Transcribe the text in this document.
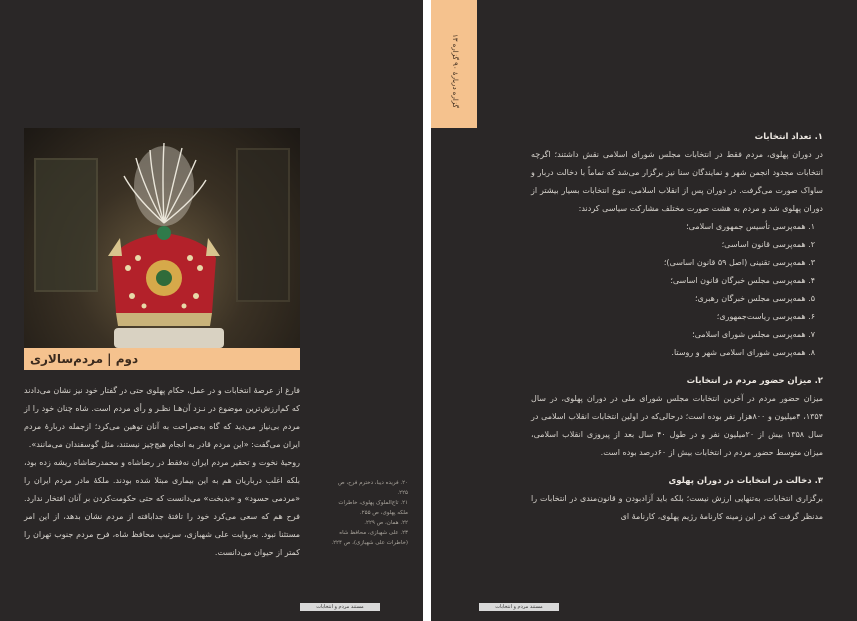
دوم | مردم‌سالاری

فارغ از عرصهٔ انتخابات و در عمل، حکام پهلوی حتی در گفتار خود نیز نشان می‌دادند که کم‌ارزش‌ترین موضوع در نـزد آن‌هـا نظـر و رأی مردم است. شاه چنان خود را از مردم بی‌نیاز می‌دید که گاه به‌صراحت به آنان توهین می‌کرد؛ ازجمله دربارهٔ مردم ایران می‌گفت: «این مردم قادر به انجام هیچ‌چیز نیستند، مثل گوسفندان می‌مانند».

روحیهٔ نخوت و تحقیر مردم ایران نه‌فقط در رضاشاه و محمدرضاشاه ریشه زده بود، بلکه اغلب درباریان هم به این بیماری مبتلا شده بودند. ملکهٔ مادر مردم ایران را «مردمی حسود» و «بدبخت» می‌دانست که حتی حکومت‌کردن بر آنان افتخار ندارد. فرح هم که سعی می‌کرد خود را تافتهٔ جدابافته از مردم نشان بدهد، از این امر مستثنا نبود. به‌روایت علی شهبازی، سرتیپ محافظ شاه، فرح مردم جنوب تهران را کمتر از حیوان می‌دانست.

۲۰. فریده دیبا، دخترم فرح، ص ۲۲۵.

۲۱. تاج‌الملوک پهلوی، خاطرات ملکه پهلوی، ص ۲۵۵.

۲۲. همان، ص ۲۲۹.

۲۳. علی شهبازی، محافظ شاه (خاطرات علی شهبازی)، ص ۲۲۴.

مستند مردم و انتخابات
۱۳ گزاره دربارهٔ ۹۰ گزاره
۱. تعداد انتخابات

در دوران پهلوی، مردم فقط در انتخابات مجلس شورای اسلامی نقش داشتند؛ اگرچه انتخابات مجدود انجمن شهر و نمایندگان سنا نیز برگزار می‌شد که تماماً با دخالت دربار و ساواک صورت می‌گرفت. در دوران پس از انقلاب اسلامی، تنوع انتخابات بسیار بیشتر از دوران پهلوی شد و مردم به هشت صورت مختلف مشارکت سیاسی کردند:

۱. همه‌پرسی تأسیس جمهوری اسلامی؛
۲. همه‌پرسی قانون اساسی؛
۳. همه‌پرسی تقنینی (اصل ۵۹ قانون اساسی)؛
۴. همه‌پرسی مجلس خبرگان قانون اساسی؛
۵. همه‌پرسی مجلس خبرگان رهبری؛
۶. همه‌پرسی ریاست‌جمهوری؛
۷. همه‌پرسی مجلس شورای اسلامی؛
۸. همه‌پرسی شورای اسلامی شهر و روستا.
۲. میزان حضور مردم در انتخابات

میزان حضور مردم در آخرین انتخابات مجلس شورای ملی در دوران پهلوی، در سال ۱۳۵۴، ۴میلیون و ۸۰۰هزار نفر بوده است؛ درحالی‌که در اولین انتخابات انقلاب اسلامی در سال ۱۳۵۸ بیش از ۲۰میلیون نفر و در طول ۴۰ سال بعد از پیروزی انقلاب اسلامی، میزان متوسط حضور مردم در انتخابات بیش از ۶۰درصد بوده است.

۳. دخالت در انتخابات در دوران پهلوی

برگزاری انتخابات، به‌تنهایی ارزش نیست؛ بلکه باید آزادبودن و قانون‌مندی در انتخابات را مدنظر گرفت که در این زمینه کارنامهٔ رژیم پهلوی، کارنامهٔ ای

مستند مردم و انتخابات
